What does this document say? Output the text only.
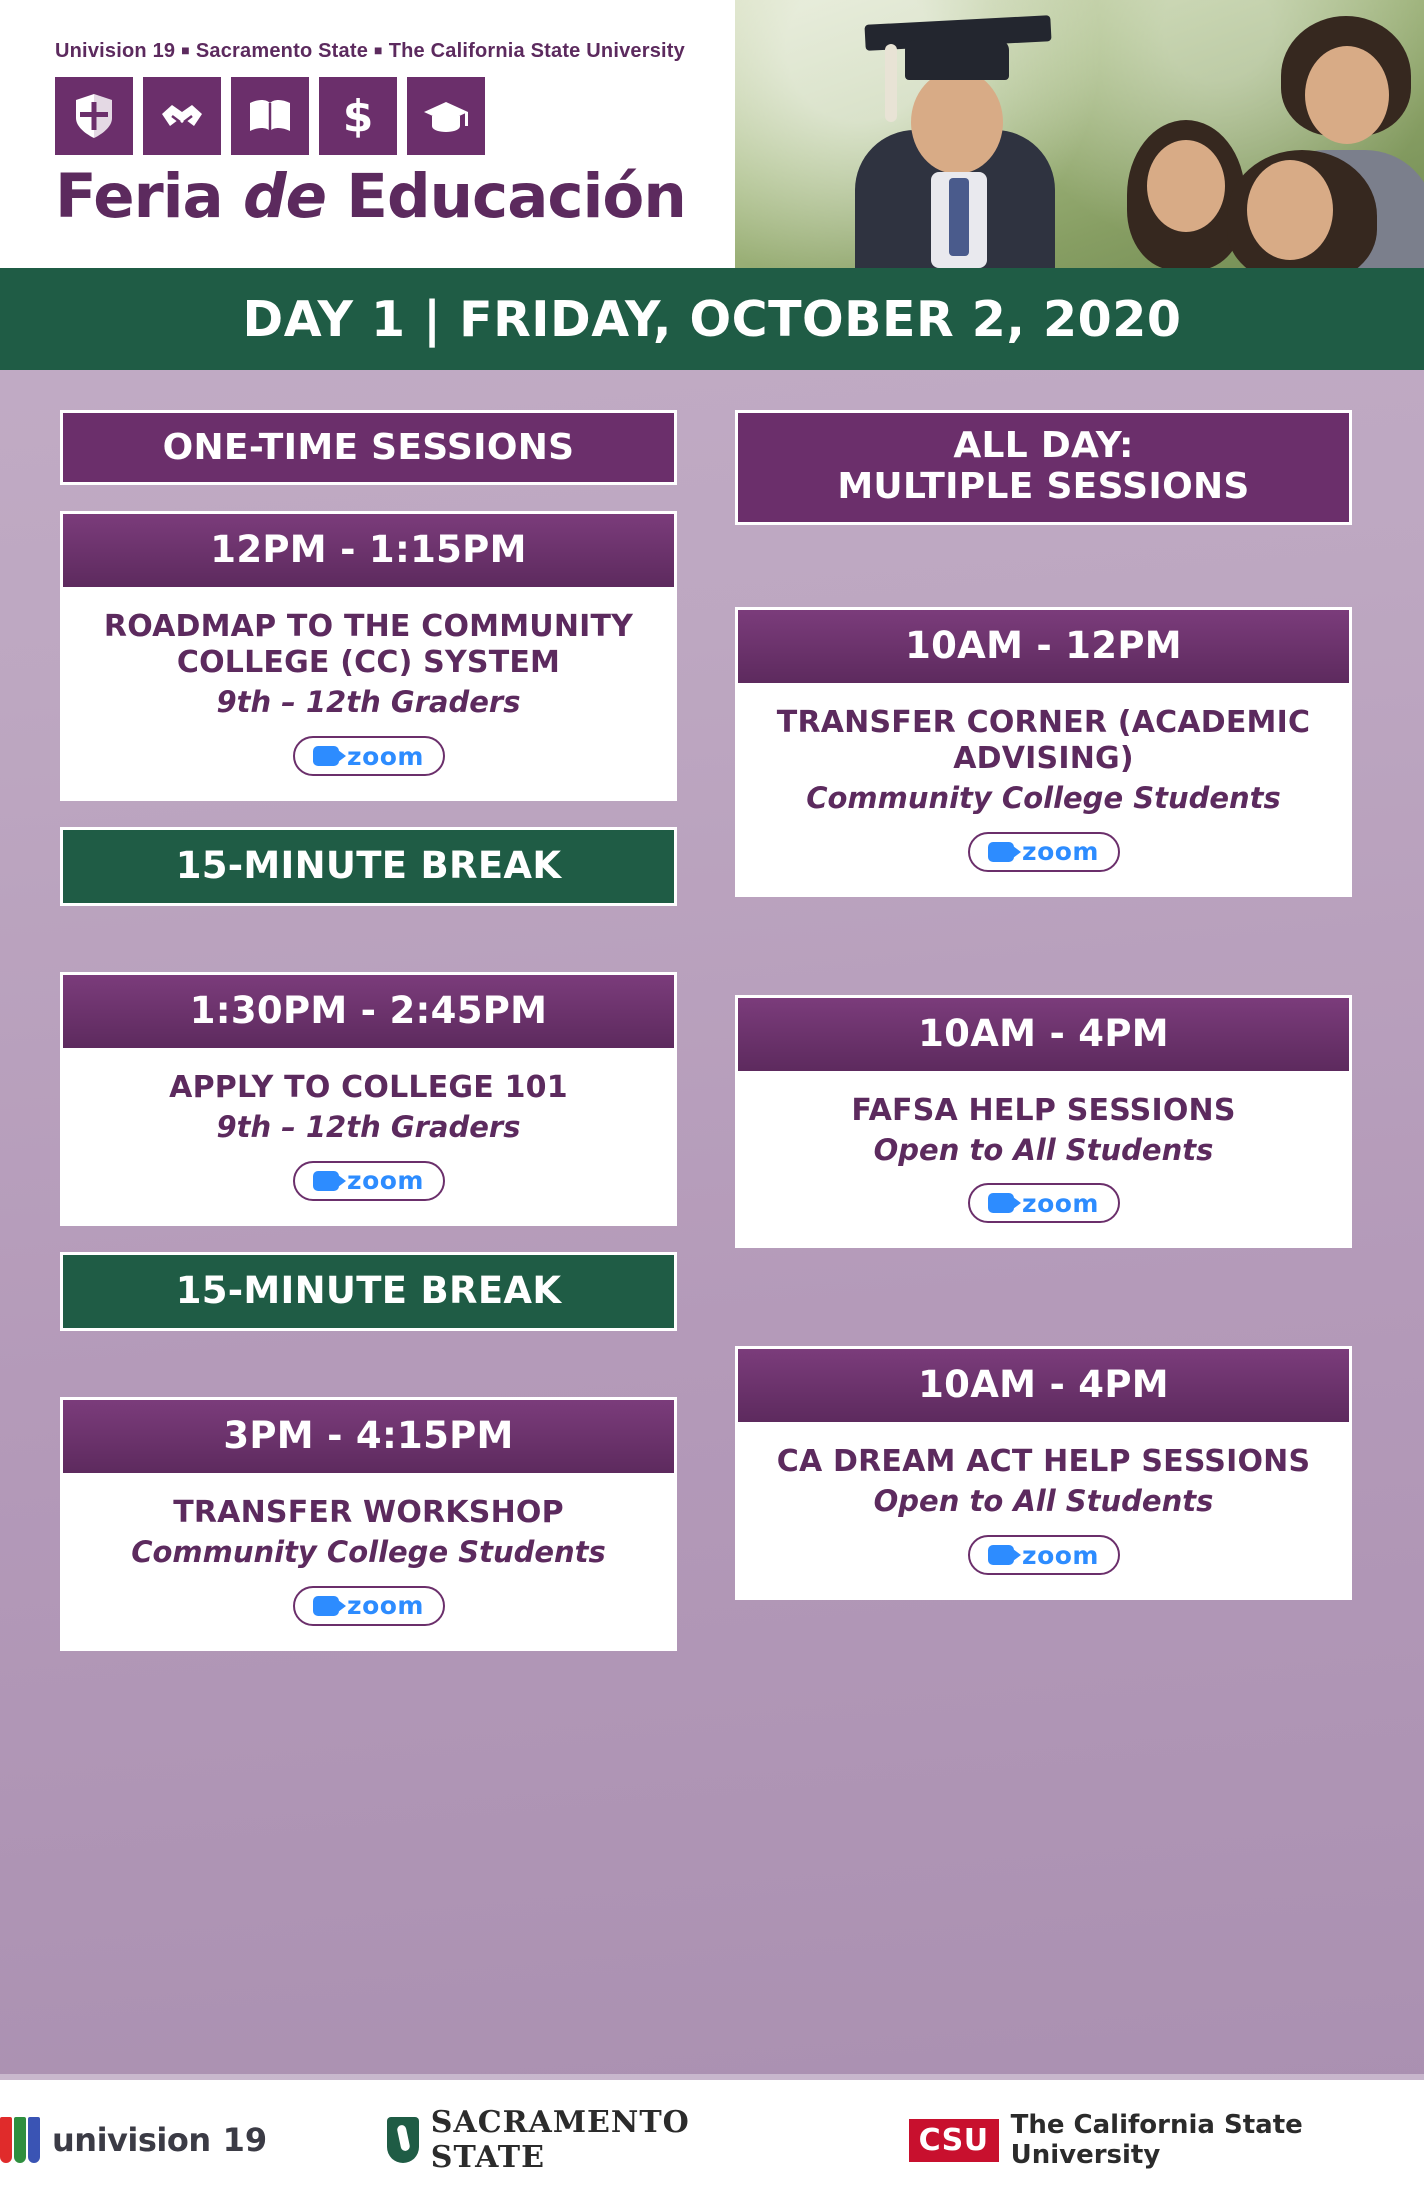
Univision 19 ■ Sacramento State ■ The California State University
$
Feria de Educación
DAY 1 | FRIDAY, OCTOBER 2, 2020
ONE-TIME SESSIONS
12PM - 1:15PM
ROADMAP TO THE COMMUNITY COLLEGE (CC) SYSTEM
9th – 12th Graders
zoom
15-MINUTE BREAK
1:30PM - 2:45PM
APPLY TO COLLEGE 101
9th – 12th Graders
zoom
15-MINUTE BREAK
3PM - 4:15PM
TRANSFER WORKSHOP
Community College Students
zoom
ALL DAY:
MULTIPLE SESSIONS
10AM - 12PM
TRANSFER CORNER (ACADEMIC ADVISING)
Community College Students
zoom
10AM - 4PM
FAFSA HELP SESSIONS
Open to All Students
zoom
10AM - 4PM
CA DREAM ACT HELP SESSIONS
Open to All Students
zoom
univision 19	SACRAMENTO STATE	CSU The California State University
